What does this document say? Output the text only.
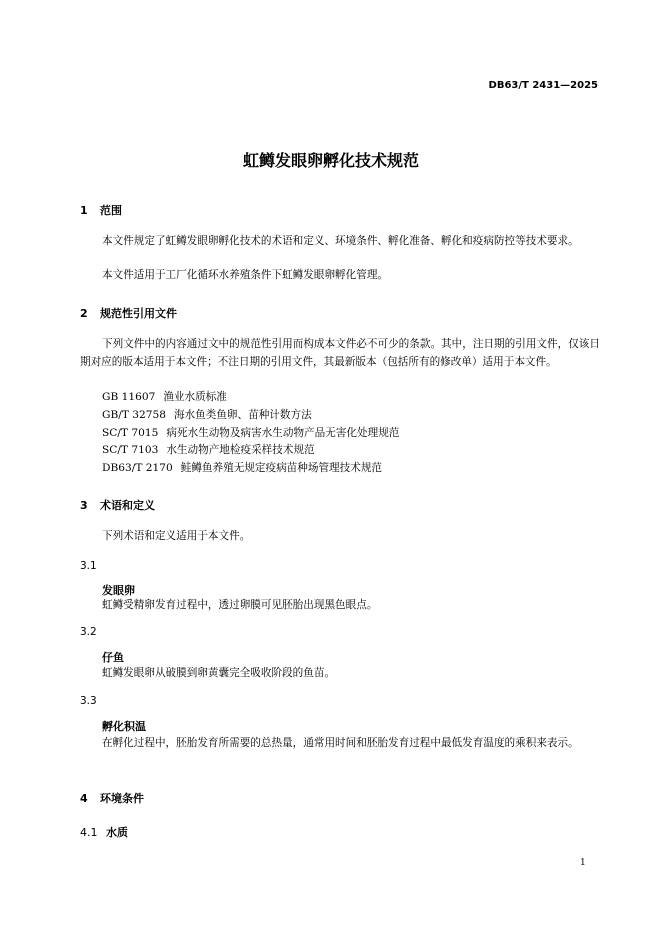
DB63/T 2431—2025
虹鳟发眼卵孵化技术规范
1 范围
本文件规定了虹鳟发眼卵孵化技术的术语和定义、环境条件、孵化准备、孵化和疫病防控等技术要求。
本文件适用于工厂化循环水养殖条件下虹鳟发眼卵孵化管理。
2 规范性引用文件
下列文件中的内容通过文中的规范性引用而构成本文件必不可少的条款。其中，注日期的引用文件，仅该日期对应的版本适用于本文件；不注日期的引用文件，其最新版本（包括所有的修改单）适用于本文件。
GB 11607 渔业水质标准
GB/T 32758 海水鱼类鱼卵、苗种计数方法
SC/T 7015 病死水生动物及病害水生动物产品无害化处理规范
SC/T 7103 水生动物产地检疫采样技术规范
DB63/T 2170 鲑鳟鱼养殖无规定疫病苗种场管理技术规范
3 术语和定义
下列术语和定义适用于本文件。
3.1
发眼卵
虹鳟受精卵发育过程中，透过卵膜可见胚胎出现黑色眼点。
3.2
仔鱼
虹鳟发眼卵从破膜到卵黄囊完全吸收阶段的鱼苗。
3.3
孵化积温
在孵化过程中，胚胎发育所需要的总热量，通常用时间和胚胎发育过程中最低发育温度的乘积来表示。
4 环境条件
4.1 水质
1
